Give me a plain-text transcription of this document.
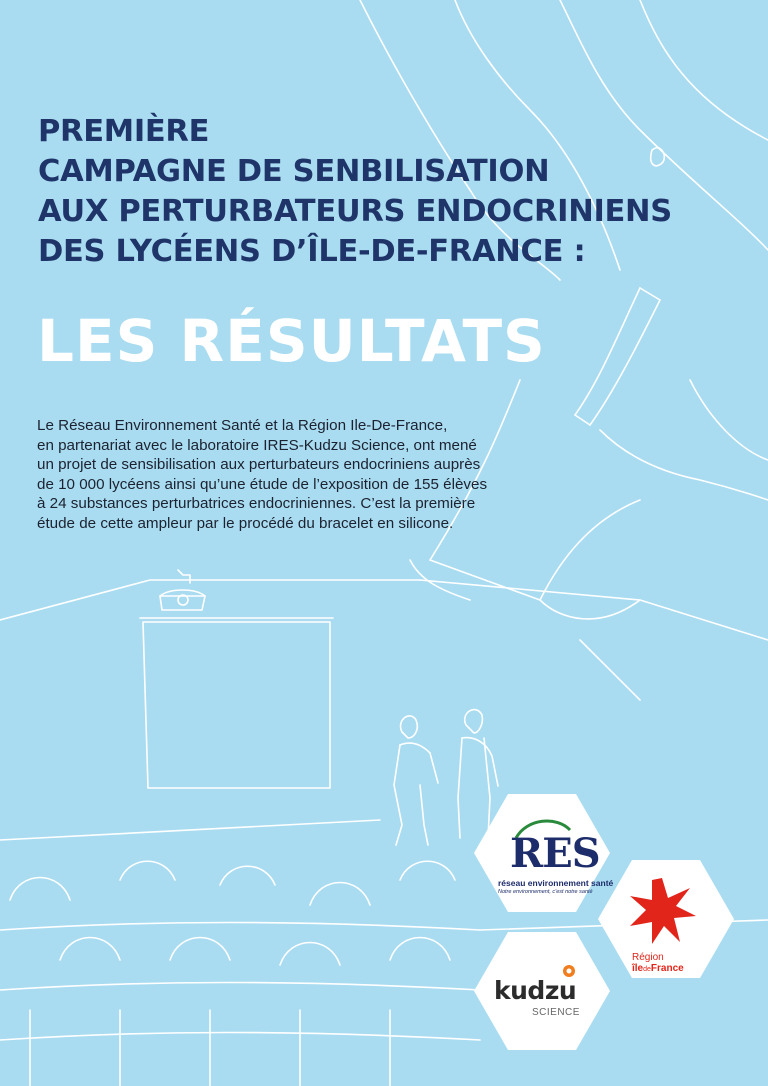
PREMIÈRE
CAMPAGNE DE SENBILISATION
AUX PERTURBATEURS ENDOCRINIENS
DES LYCÉENS D’ÎLE-DE-FRANCE :
LES RÉSULTATS
Le Réseau Environnement Santé et la Région Ile-De-France,
en partenariat avec le laboratoire IRES-Kudzu Science, ont mené
un projet de sensibilisation aux perturbateurs endocriniens auprès
de 10 000 lycéens ainsi qu’une étude de l’exposition de 155 élèves
à 24 substances perturbatrices endocriniennes. C’est la première
étude de cette ampleur par le procédé du bracelet en silicone.
RES
réseau environnement santé
Notre environnement, c'est notre santé
Région
îledeFrance
kudzu
SCIENCE
